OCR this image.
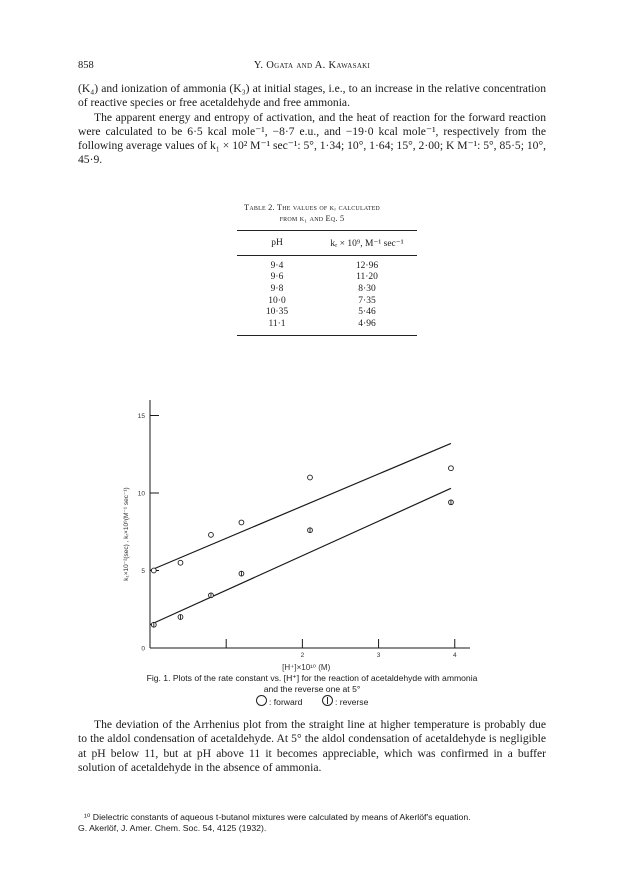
858	Y. Ogata and A. Kawasaki

(K₄) and ionization of ammonia (K₃) at initial stages, i.e., to an increase in the relative concentration of reactive species or free acetaldehyde and free ammonia.

The apparent energy and entropy of activation, and the heat of reaction for the forward reaction were calculated to be 6·5 kcal mole⁻¹, −8·7 e.u., and −19·0 kcal mole⁻¹, respectively from the following average values of k₁ × 10² M⁻¹ sec⁻¹: 5°, 1·34; 10°, 1·64; 15°, 2·00; K M⁻¹: 5°, 85·5; 10°, 45·9.

Table 2. The values of kᵣ calculated
from k₁ and Eq. 5
pH	kᵣ × 10⁹, M⁻¹ sec⁻¹
9·4	12·96
9·6	11·20
9·8	8·30
10·0	7·35
10·35	5·46
11·1	4·96
0
5
10
15
2	3	4
[H⁺]×10¹⁰ (M)
k₁×10⁻²(sec) , kᵣ×10⁹(M⁻¹ sec⁻¹)
Fig. 1. Plots of the rate constant vs. [H⁺] for the reaction of acetaldehyde with ammonia
and the reverse one at 5°
: forward	: reverse

The deviation of the Arrhenius plot from the straight line at higher temperature is probably due to the aldol condensation of acetaldehyde. At 5° the aldol condensation of acetaldehyde is negligible at pH below 11, but at pH above 11 it becomes appreciable, which was confirmed in a buffer solution of acetaldehyde in the absence of ammonia.

¹⁰ Dielectric constants of aqueous t-butanol mixtures were calculated by means of Akerlöf's equation.

G. Akerlöf, J. Amer. Chem. Soc. 54, 4125 (1932).
